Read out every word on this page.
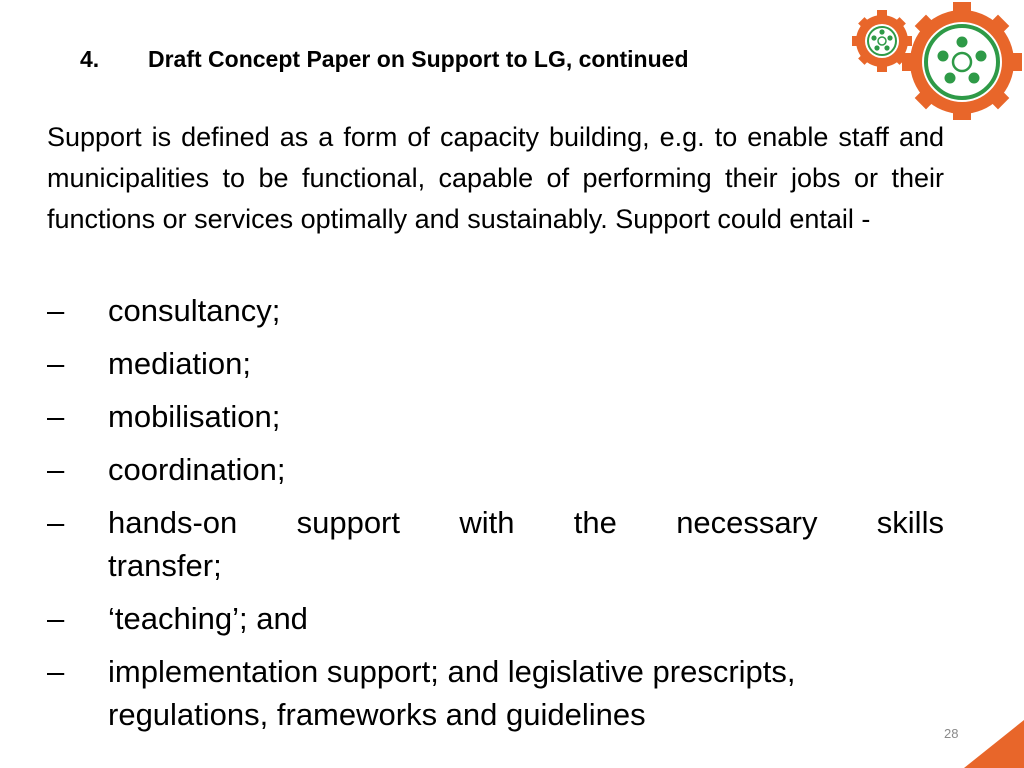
4. Draft Concept Paper on Support to LG, continued
Support is defined as a form of capacity building, e.g. to enable staff and municipalities to be functional, capable of performing their jobs or their functions or services optimally and sustainably. Support could entail -
–	consultancy;
–	mediation;
–	mobilisation;
–	coordination;
–	hands-on support with the necessary skills
transfer;
–	‘teaching’; and
–	implementation support; and legislative prescripts, regulations, frameworks and guidelines
28
